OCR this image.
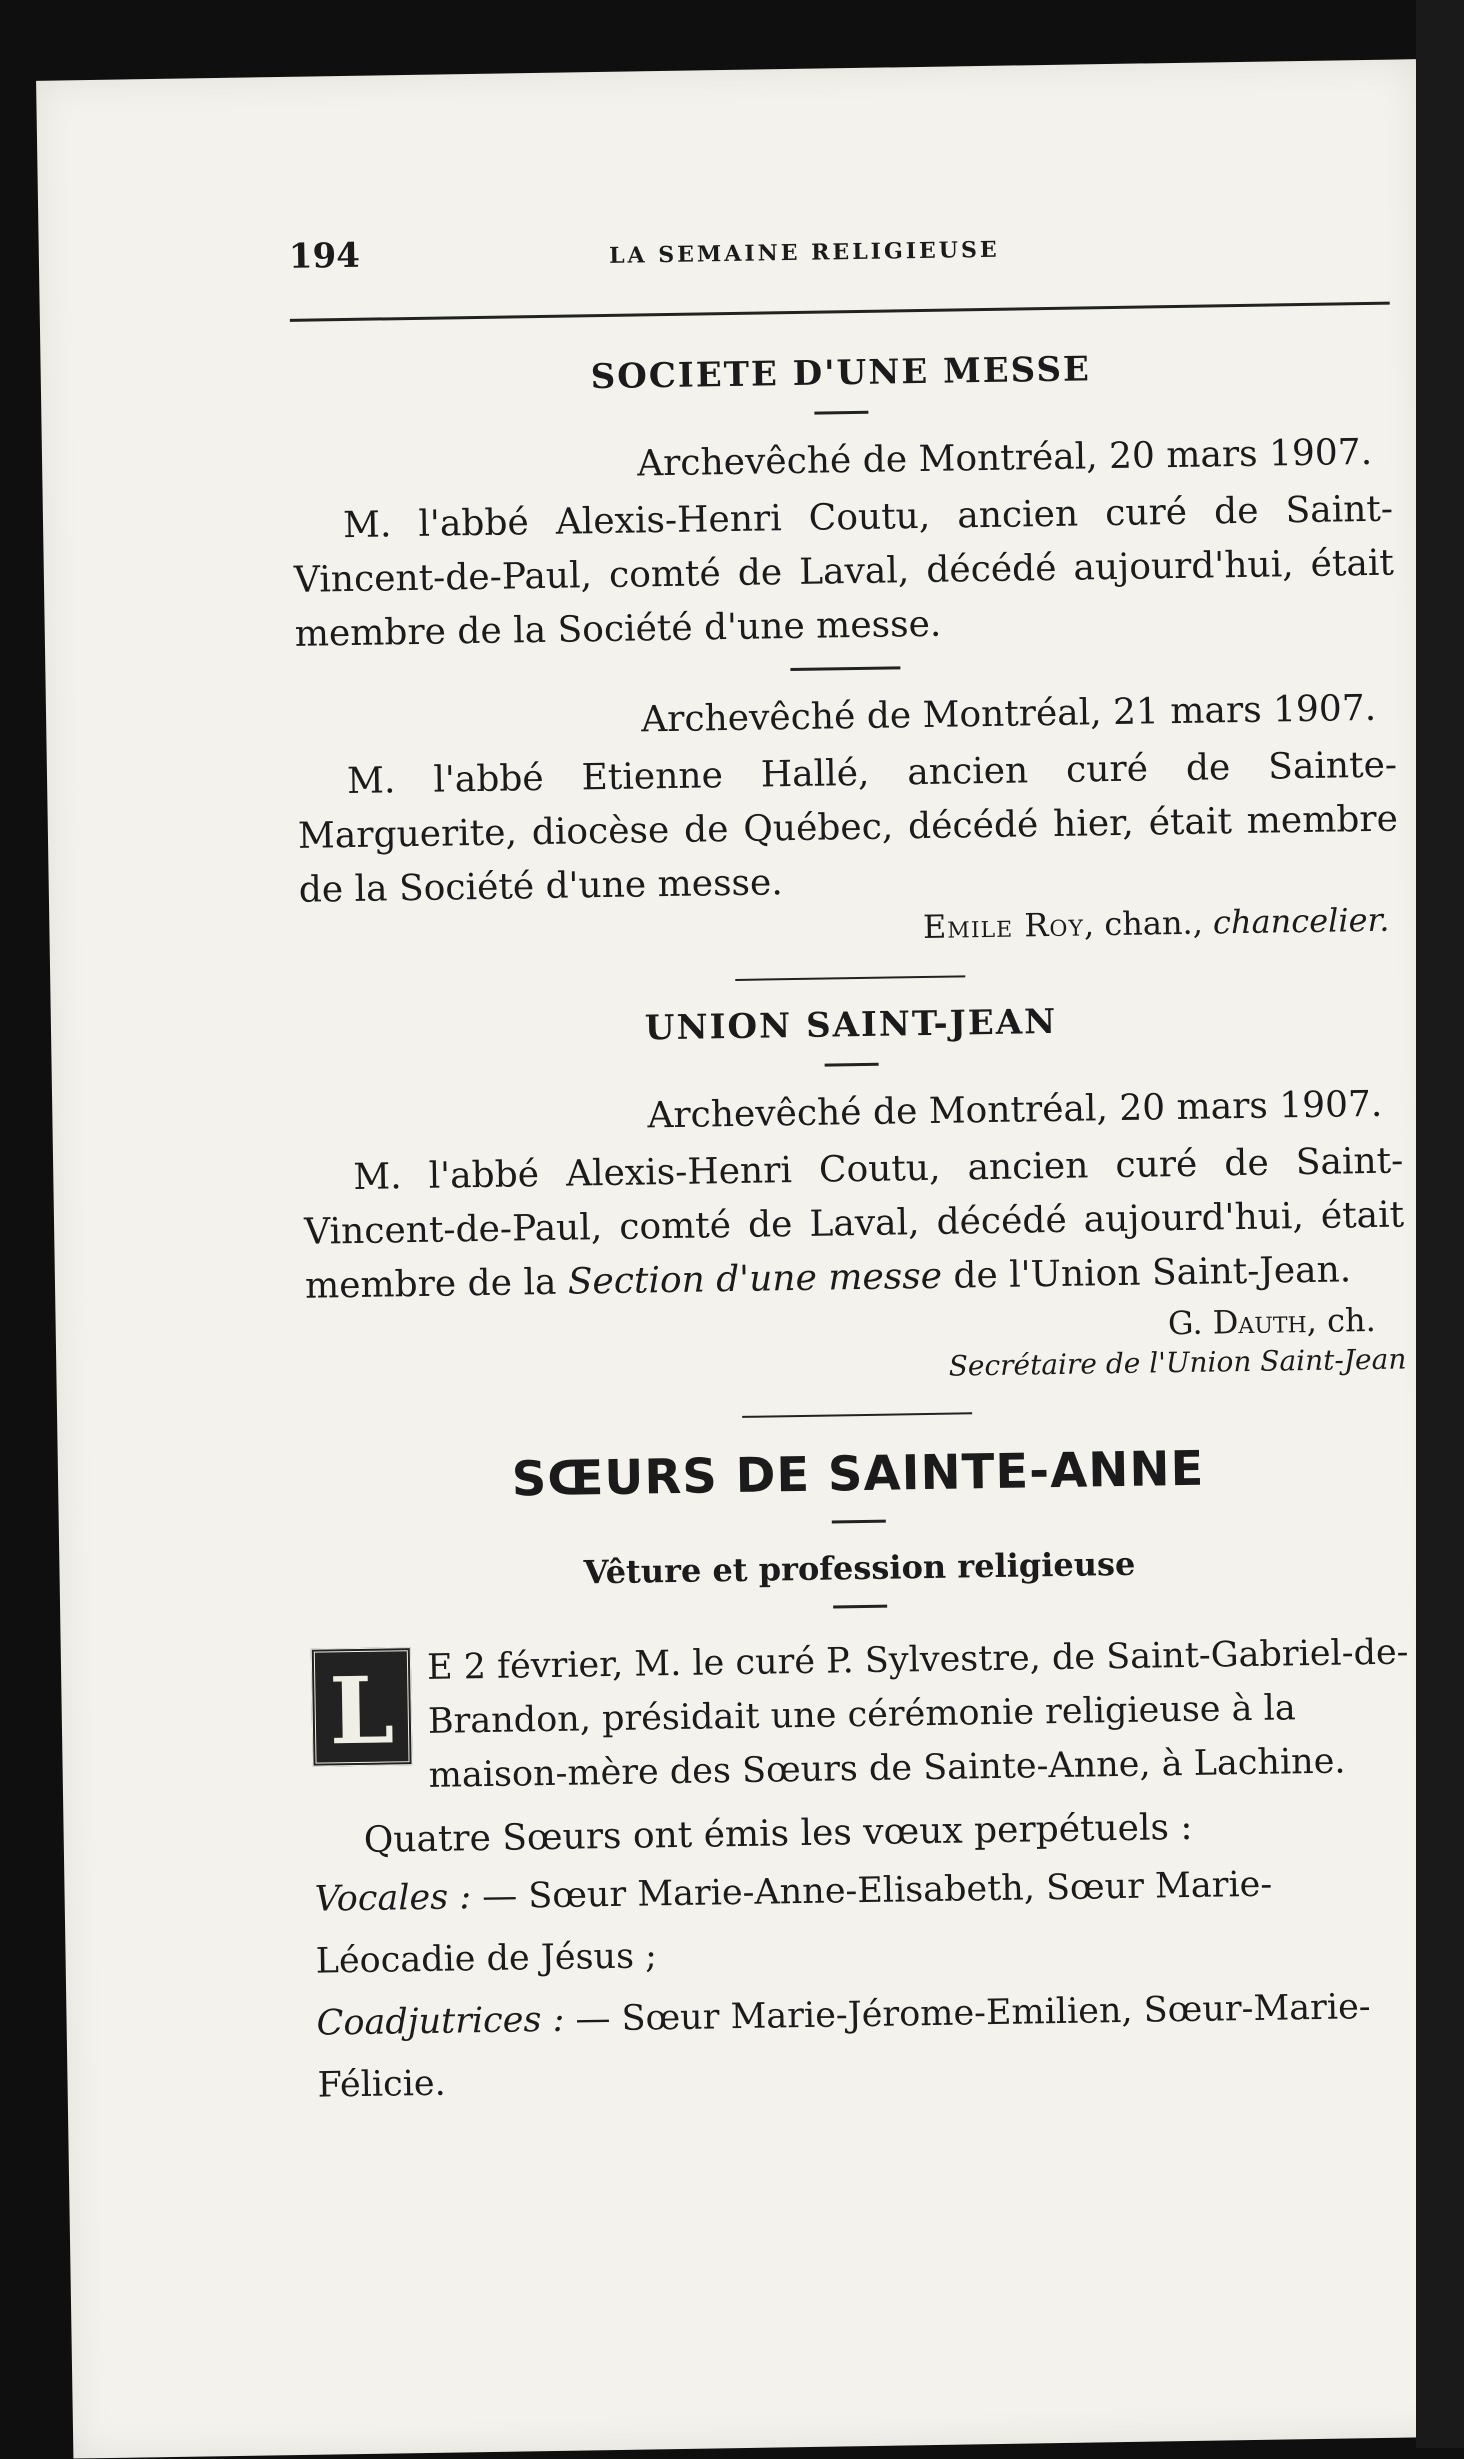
194	LA SEMAINE RELIGIEUSE
SOCIETE D'UNE MESSE
Archevêché de Montréal, 20 mars 1907.
M. l'abbé Alexis-Henri Coutu, ancien curé de Saint-Vincent-de-Paul, comté de Laval, décédé aujourd'hui, était membre de la Société d'une messe.
Archevêché de Montréal, 21 mars 1907.
M. l'abbé Etienne Hallé, ancien curé de Sainte-Marguerite, diocèse de Québec, décédé hier, était membre de la Société d'une messe.
Emile Roy, chan., chancelier.
UNION SAINT-JEAN
Archevêché de Montréal, 20 mars 1907.
M. l'abbé Alexis-Henri Coutu, ancien curé de Saint-Vincent-de-Paul, comté de Laval, décédé aujourd'hui, était membre de la Section d'une messe de l'Union Saint-Jean.
G. Dauth, ch.
Secrétaire de l'Union Saint-Jean
SŒURS DE SAINTE-ANNE
Vêture et profession religieuse
L E 2 février, M. le curé P. Sylvestre, de Saint-Gabriel-de-Brandon, présidait une cérémonie religieuse à la maison-mère des Sœurs de Sainte-Anne, à Lachine.
Quatre Sœurs ont émis les vœux perpétuels :
Vocales : — Sœur Marie-Anne-Elisabeth, Sœur Marie-Léocadie de Jésus ;
Coadjutrices : — Sœur Marie-Jérome-Emilien, Sœur-Marie-Félicie.
